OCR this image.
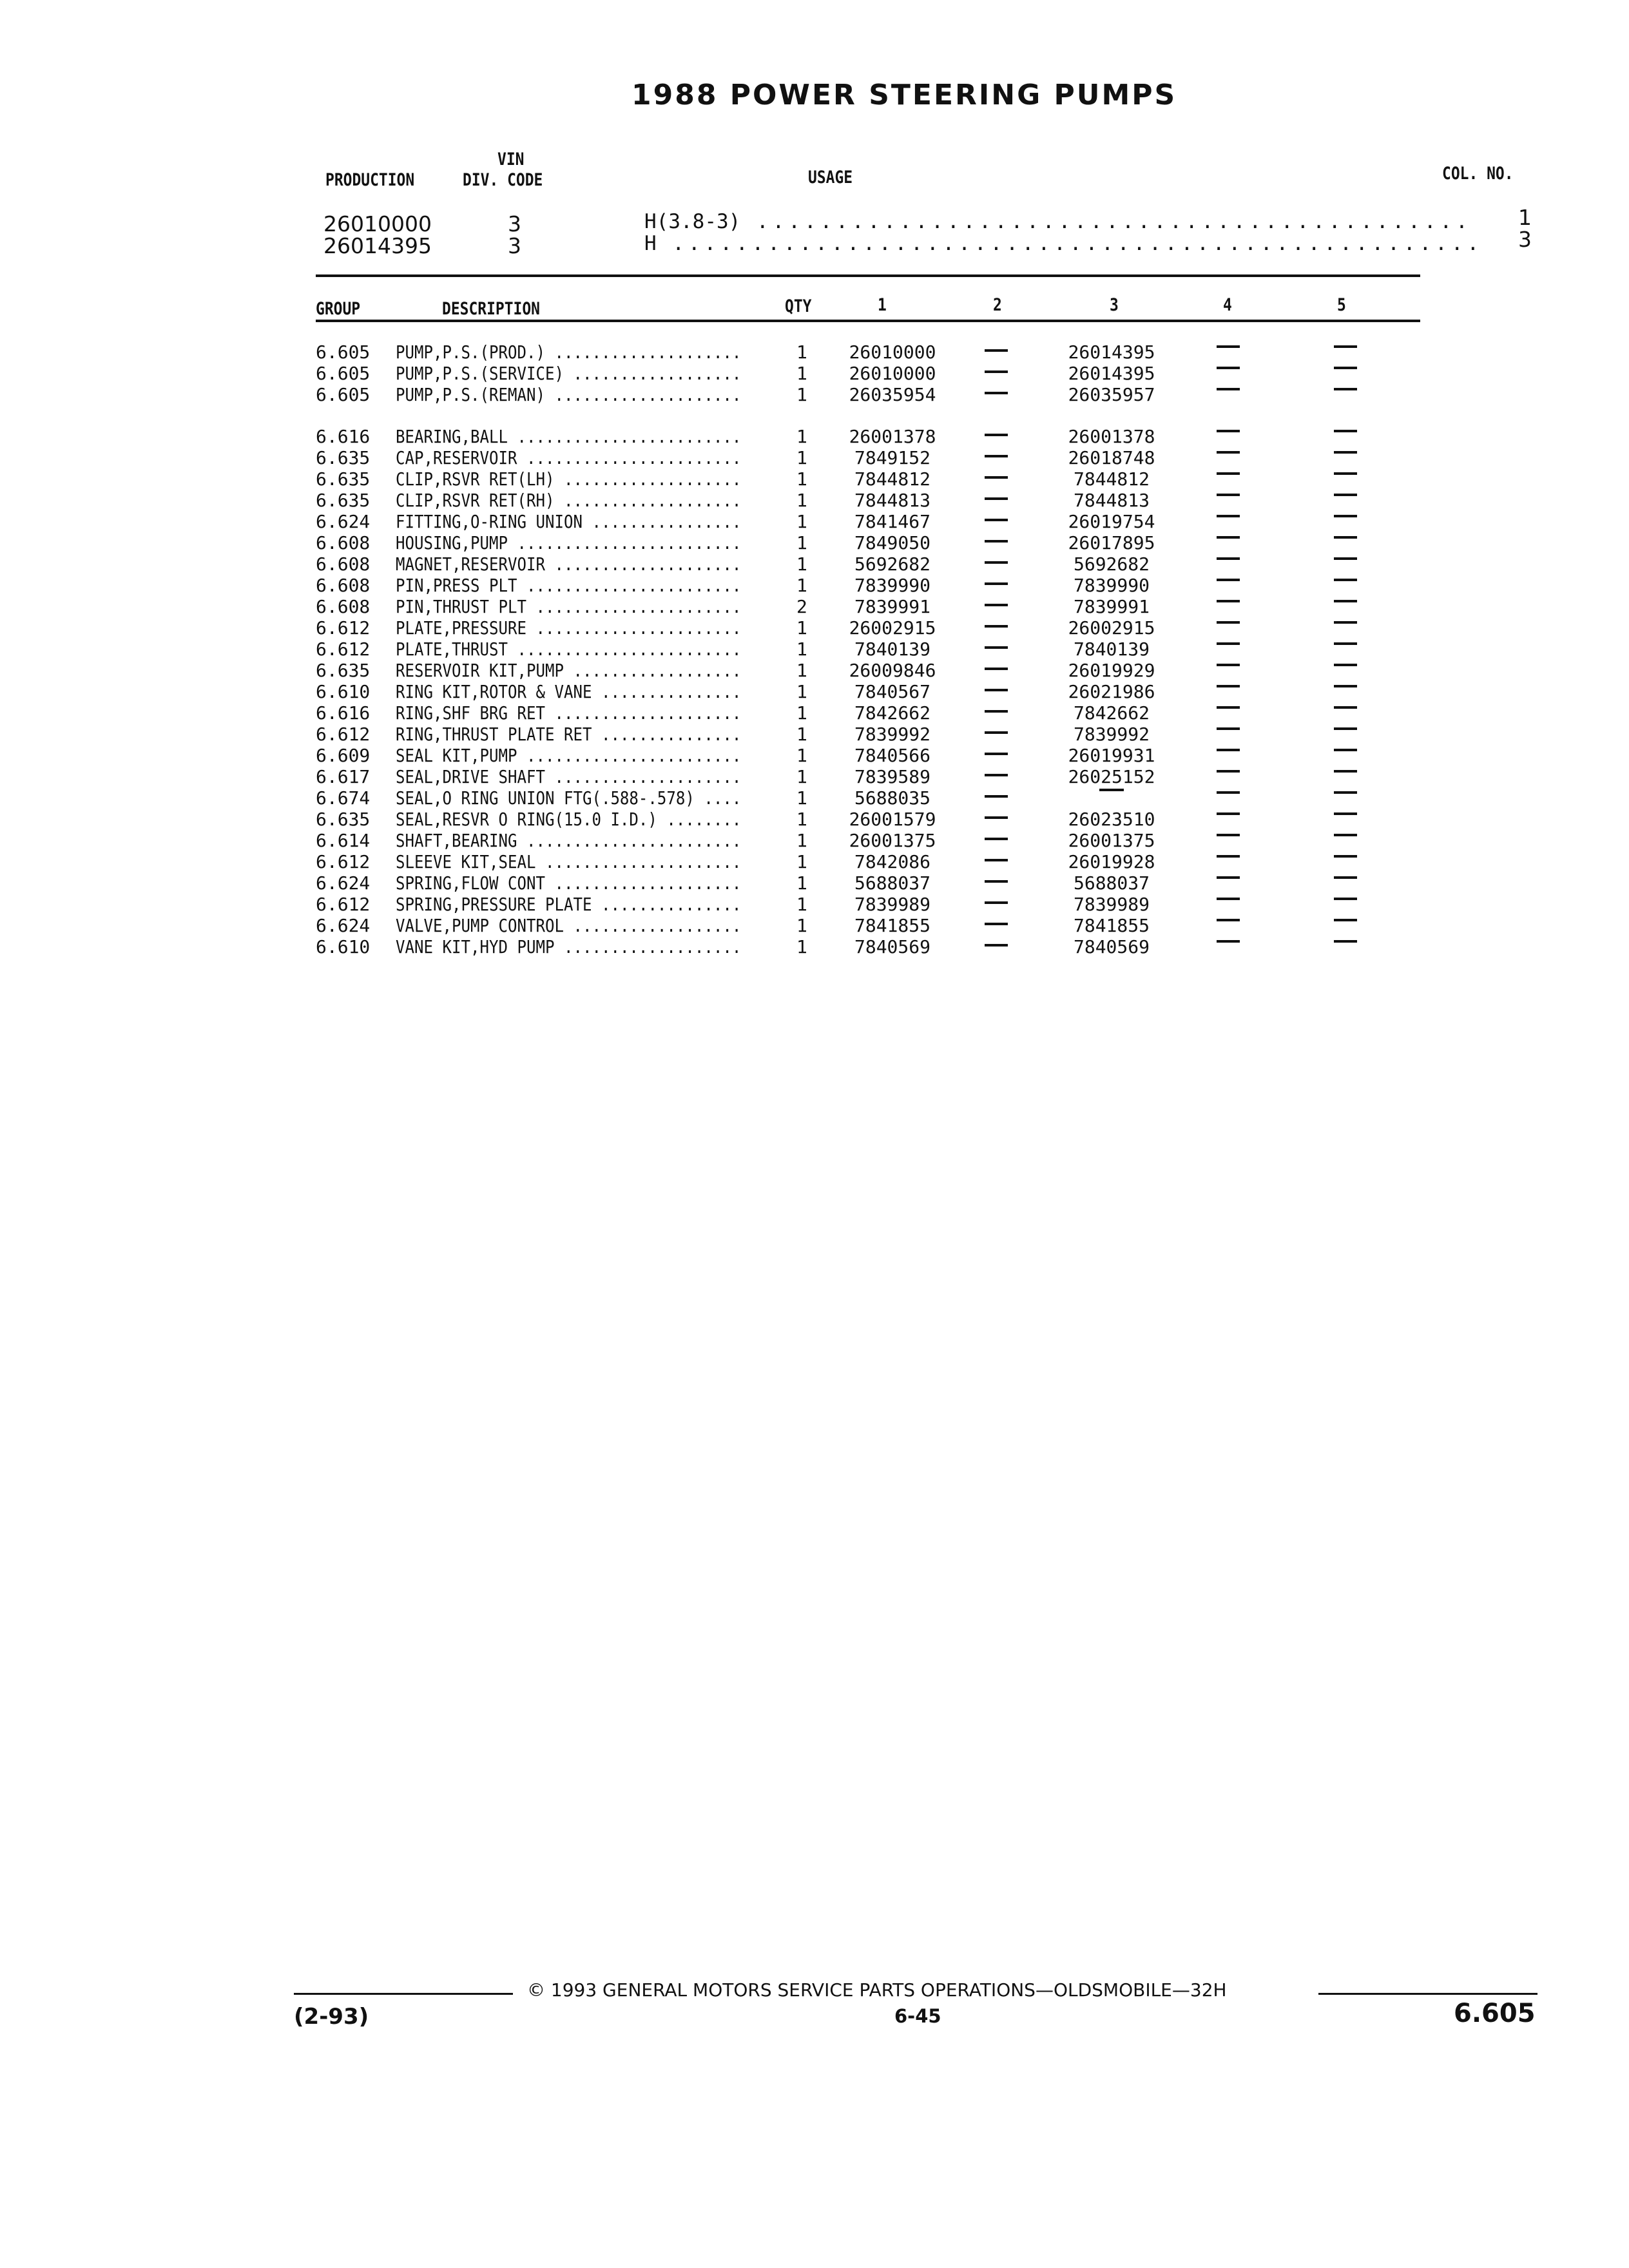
1988 POWER STEERING PUMPS
VIN
PRODUCTION	DIV. CODE	USAGE	COL. NO.
26010000	3	H(3.8-3) ............................................. 1
26014395	3	H ................................................... 3
GROUP	DESCRIPTION	QTY	1	2	3	4	5
6.605 PUMP,P.S.(PROD.) ....................	1	26010000	26014395
6.605 PUMP,P.S.(SERVICE) ..................	1	26010000	26014395
6.605 PUMP,P.S.(REMAN) ....................	1	26035954	26035957
6.616 BEARING,BALL ........................	1	26001378	26001378
6.635 CAP,RESERVOIR .......................	1	7849152	26018748
6.635 CLIP,RSVR RET(LH) ...................	1	7844812	7844812
6.635 CLIP,RSVR RET(RH) ...................	1	7844813	7844813
6.624 FITTING,O-RING UNION ................	1	7841467	26019754
6.608 HOUSING,PUMP ........................	1	7849050	26017895
6.608 MAGNET,RESERVOIR ....................	1	5692682	5692682
6.608 PIN,PRESS PLT .......................	1	7839990	7839990
6.608 PIN,THRUST PLT ......................	2	7839991	7839991
6.612 PLATE,PRESSURE ......................	1	26002915	26002915
6.612 PLATE,THRUST ........................	1	7840139	7840139
6.635 RESERVOIR KIT,PUMP ..................	1	26009846	26019929
6.610 RING KIT,ROTOR & VANE ...............	1	7840567	26021986
6.616 RING,SHF BRG RET ....................	1	7842662	7842662
6.612 RING,THRUST PLATE RET ...............	1	7839992	7839992
6.609 SEAL KIT,PUMP .......................	1	7840566	26019931
6.617 SEAL,DRIVE SHAFT ....................	1	7839589	26025152
6.674 SEAL,O RING UNION FTG(.588-.578) ....	1	5688035
6.635 SEAL,RESVR O RING(15.0 I.D.) ........	1	26001579	26023510
6.614 SHAFT,BEARING .......................	1	26001375	26001375
6.612 SLEEVE KIT,SEAL .....................	1	7842086	26019928
6.624 SPRING,FLOW CONT ....................	1	5688037	5688037
6.612 SPRING,PRESSURE PLATE ...............	1	7839989	7839989
6.624 VALVE,PUMP CONTROL ..................	1	7841855	7841855
6.610 VANE KIT,HYD PUMP ...................	1	7840569	7840569
© 1993 GENERAL MOTORS SERVICE PARTS OPERATIONS—OLDSMOBILE—32H
(2-93)	6-45	6.605
